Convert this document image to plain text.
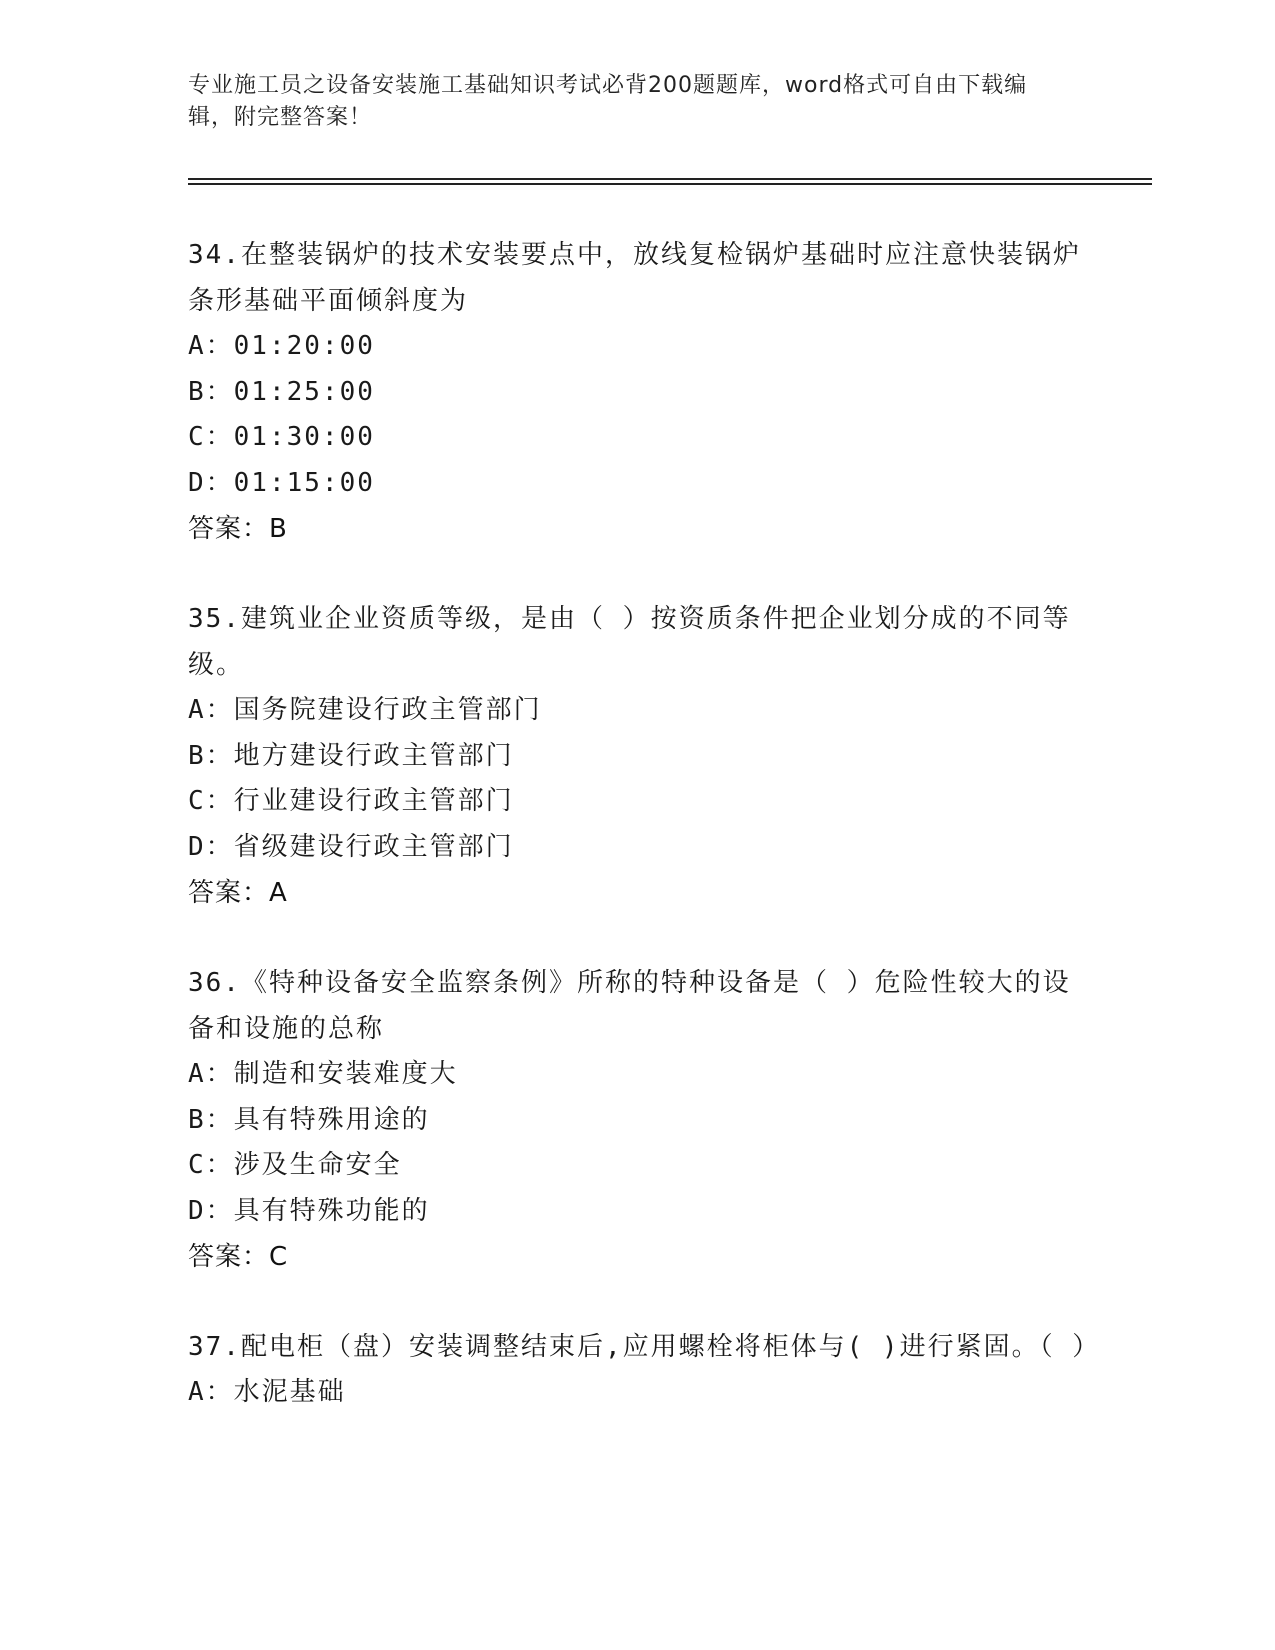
专业施工员之设备安装施工基础知识考试必背200题题库，word格式可自由下载编辑，附完整答案！
34.在整装锅炉的技术安装要点中，放线复检锅炉基础时应注意快装锅炉条形基础平面倾斜度为
A：01:20:00
B：01:25:00
C：01:30:00
D：01:15:00
答案：B
35.建筑业企业资质等级，是由（ ）按资质条件把企业划分成的不同等级。
A：国务院建设行政主管部门
B：地方建设行政主管部门
C：行业建设行政主管部门
D：省级建设行政主管部门
答案：A
36.《特种设备安全监察条例》所称的特种设备是（ ）危险性较大的设备和设施的总称
A：制造和安装难度大
B：具有特殊用途的
C：涉及生命安全
D：具有特殊功能的
答案：C
37.配电柜（盘）安装调整结束后,应用螺栓将柜体与( )进行紧固。（ ）
A：水泥基础
